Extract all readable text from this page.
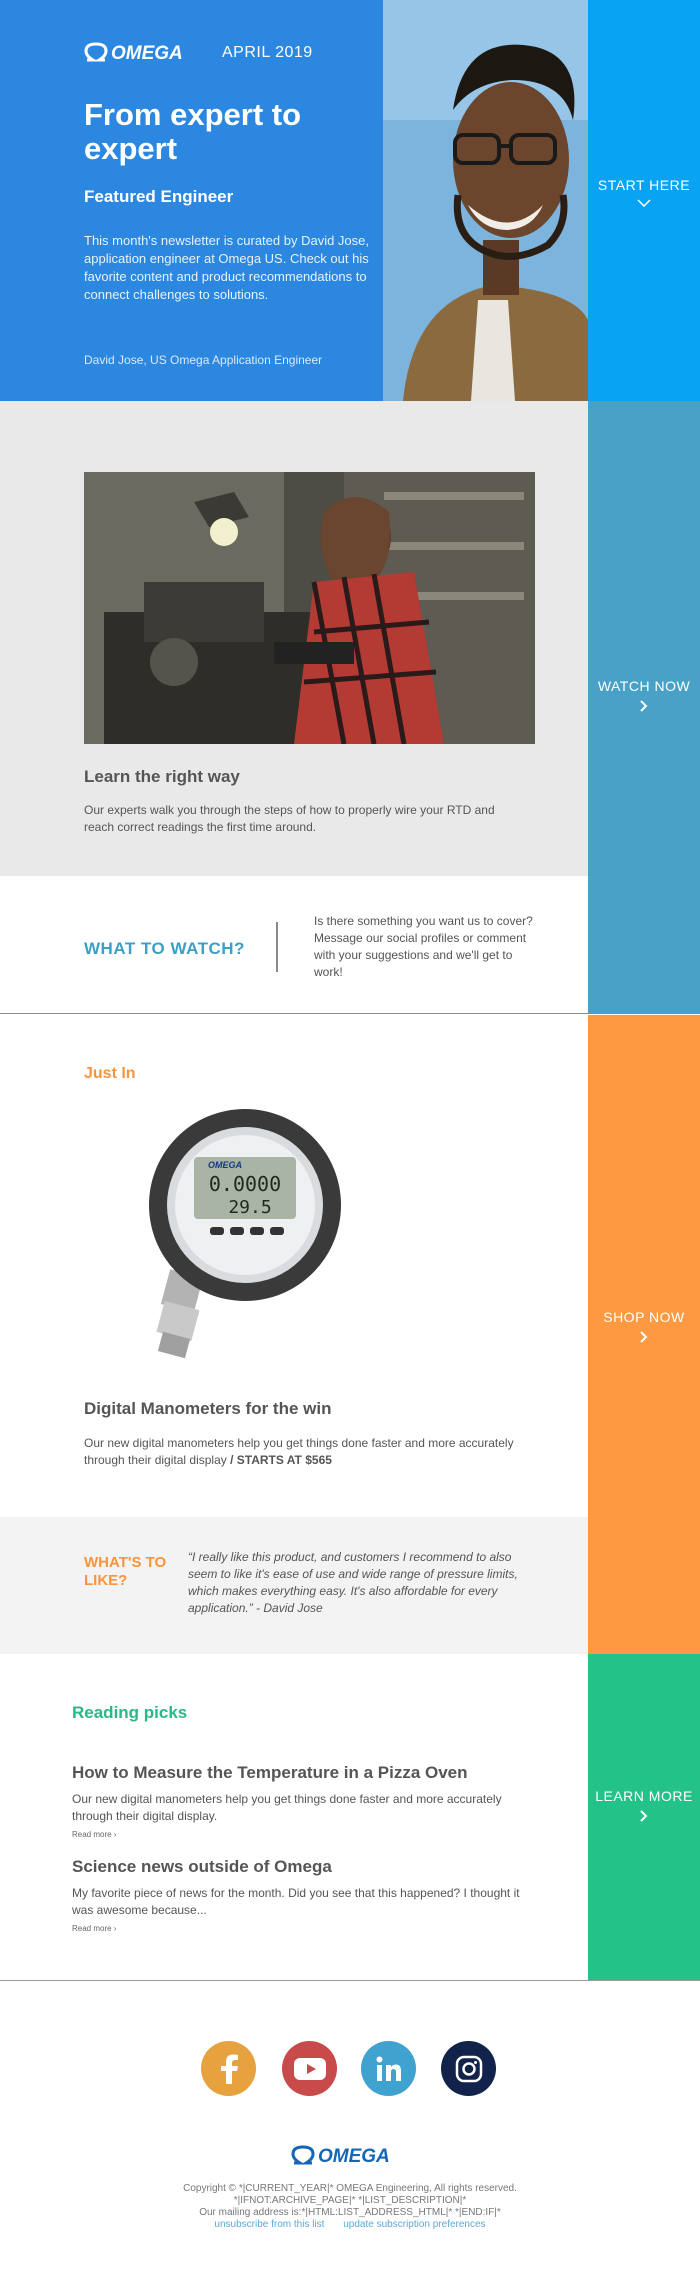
OMEGA APRIL 2019
From expert to expert
Featured Engineer

This month's newsletter is curated by David Jose, application engineer at Omega US. Check out his favorite content and product recommendations to connect challenges to solutions.

David Jose, US Omega Application Engineer
START HERE
Learn the right way

Our experts walk you through the steps of how to properly wire your RTD and reach correct readings the first time around.

WATCH NOW
WHAT TO WATCH?

Is there something you want us to cover? Message our social profiles or comment with your suggestions and we'll get to work!

Just In
OMEGA
0.0000
29.5
Digital Manometers for the win

Our new digital manometers help you get things done faster and more accurately through their digital display / STARTS AT $565

SHOP NOW
WHAT'S TO LIKE?

“I really like this product, and customers I recommend to also seem to like it's ease of use and wide range of pressure limits, which makes everything easy. It's also affordable for every application.” - David Jose

Reading picks
How to Measure the Temperature in a Pizza Oven

Our new digital manometers help you get things done faster and more accurately through their digital display.

Read more ›
Science news outside of Omega

My favorite piece of news for the month. Did you see that this happened? I thought it was awesome because...

Read more ›
LEARN MORE
OMEGA
Copyright © *|CURRENT_YEAR|* OMEGA Engineering, All rights reserved.
*|IFNOT:ARCHIVE_PAGE|* *|LIST_DESCRIPTION|*
Our mailing address is:*|HTML:LIST_ADDRESS_HTML|* *|END:IF|*
unsubscribe from this list update subscription preferences
